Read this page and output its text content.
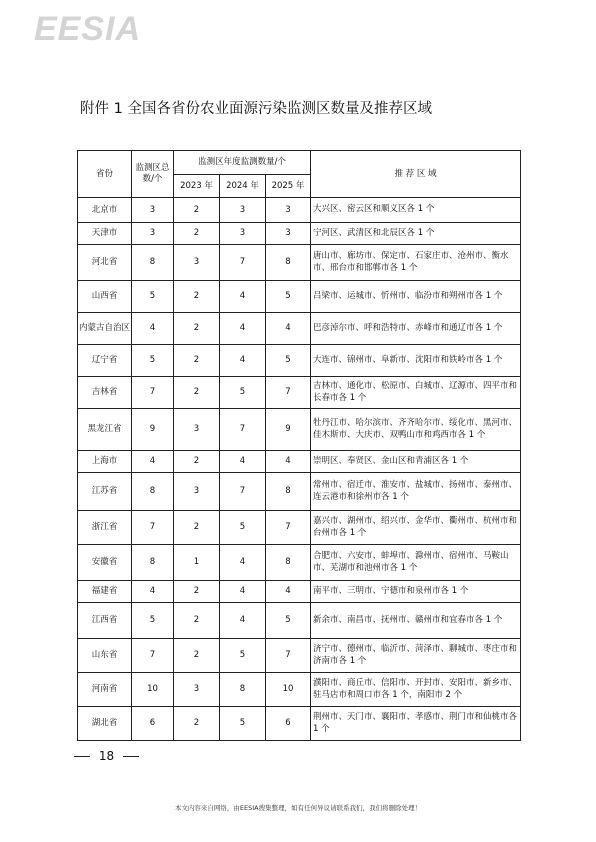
EESIA
附件 1 全国各省份农业面源污染监测区数量及推荐区域
省份	监测区总数/个	监测区年度监测数量/个			推 荐 区 域
		2023 年	2024 年	2025 年	
北京市	3	2	3	3	大兴区、密云区和顺义区各 1 个
天津市	3	2	3	3	宁河区、武清区和北辰区各 1 个
河北省	8	3	7	8	唐山市、廊坊市、保定市、石家庄市、沧州市、衡水市、邢台市和邯郸市各 1 个
山西省	5	2	4	5	吕梁市、运城市、忻州市、临汾市和朔州市各 1 个
内蒙古自治区	4	2	4	4	巴彦淖尔市、呼和浩特市、赤峰市和通辽市各 1 个
辽宁省	5	2	4	5	大连市、锦州市、阜新市、沈阳市和铁岭市各 1 个
吉林省	7	2	5	7	吉林市、通化市、松原市、白城市、辽源市、四平市和长春市各 1 个
黑龙江省	9	3	7	9	牡丹江市、哈尔滨市、齐齐哈尔市、绥化市、黑河市、佳木斯市、大庆市、双鸭山市和鸡西市各 1 个
上海市	4	2	4	4	崇明区、奉贤区、金山区和青浦区各 1 个
江苏省	8	3	7	8	常州市、宿迁市、淮安市、盐城市、扬州市、泰州市、连云港市和徐州市各 1 个
浙江省	7	2	5	7	嘉兴市、湖州市、绍兴市、金华市、衢州市、杭州市和台州市各 1 个
安徽省	8	1	4	8	合肥市、六安市、蚌埠市、滁州市、宿州市、马鞍山市、芜湖市和池州市各 1 个
福建省	4	2	4	4	南平市、三明市、宁德市和泉州市各 1 个
江西省	5	2	4	5	新余市、南昌市、抚州市、赣州市和宜春市各 1 个
山东省	7	2	5	7	济宁市、德州市、临沂市、菏泽市、聊城市、枣庄市和济南市各 1 个
河南省	10	3	8	10	濮阳市、商丘市、信阳市、开封市、安阳市、新乡市、驻马店市和周口市各 1 个，南阳市 2 个
湖北省	6	2	5	6	荆州市、天门市、襄阳市、孝感市、荆门市和仙桃市各 1 个
18
本文内容来自网络，由EESIA搜集整理，如有任何异议请联系我们，我们将删除处理！
